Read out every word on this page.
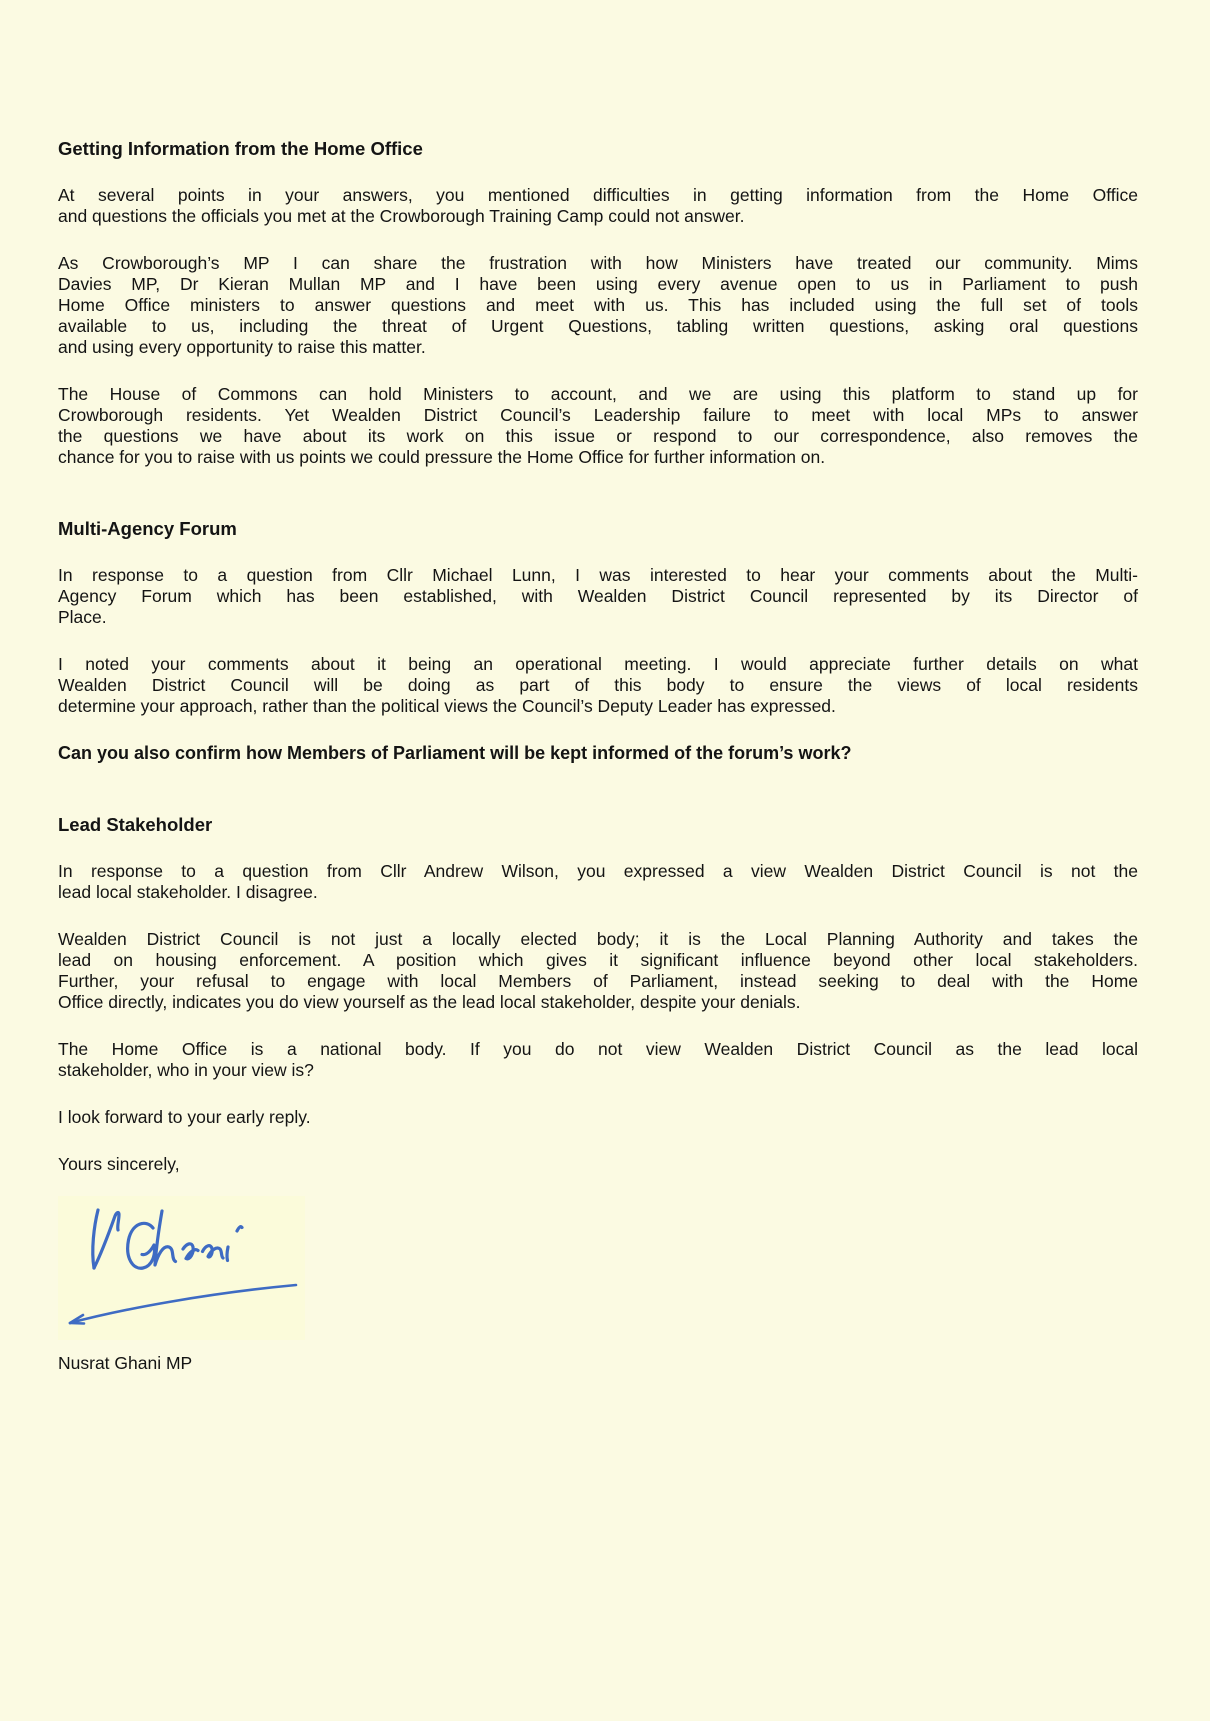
Getting Information from the Home Office
At several points in your answers, you mentioned difficulties in getting information from the Home Office
and questions the officials you met at the Crowborough Training Camp could not answer.
As Crowborough’s MP I can share the frustration with how Ministers have treated our community. Mims
Davies MP, Dr Kieran Mullan MP and I have been using every avenue open to us in Parliament to push
Home Office ministers to answer questions and meet with us. This has included using the full set of tools
available to us, including the threat of Urgent Questions, tabling written questions, asking oral questions
and using every opportunity to raise this matter.
The House of Commons can hold Ministers to account, and we are using this platform to stand up for
Crowborough residents. Yet Wealden District Council’s Leadership failure to meet with local MPs to answer
the questions we have about its work on this issue or respond to our correspondence, also removes the
chance for you to raise with us points we could pressure the Home Office for further information on.
Multi-Agency Forum
In response to a question from Cllr Michael Lunn, I was interested to hear your comments about the Multi-
Agency Forum which has been established, with Wealden District Council represented by its Director of
Place.
I noted your comments about it being an operational meeting. I would appreciate further details on what
Wealden District Council will be doing as part of this body to ensure the views of local residents
determine your approach, rather than the political views the Council’s Deputy Leader has expressed.
Can you also confirm how Members of Parliament will be kept informed of the forum’s work?
Lead Stakeholder
In response to a question from Cllr Andrew Wilson, you expressed a view Wealden District Council is not the
lead local stakeholder. I disagree.
Wealden District Council is not just a locally elected body; it is the Local Planning Authority and takes the
lead on housing enforcement. A position which gives it significant influence beyond other local stakeholders.
Further, your refusal to engage with local Members of Parliament, instead seeking to deal with the Home
Office directly, indicates you do view yourself as the lead local stakeholder, despite your denials.
The Home Office is a national body. If you do not view Wealden District Council as the lead local
stakeholder, who in your view is?
I look forward to your early reply.
Yours sincerely,
Nusrat Ghani MP
